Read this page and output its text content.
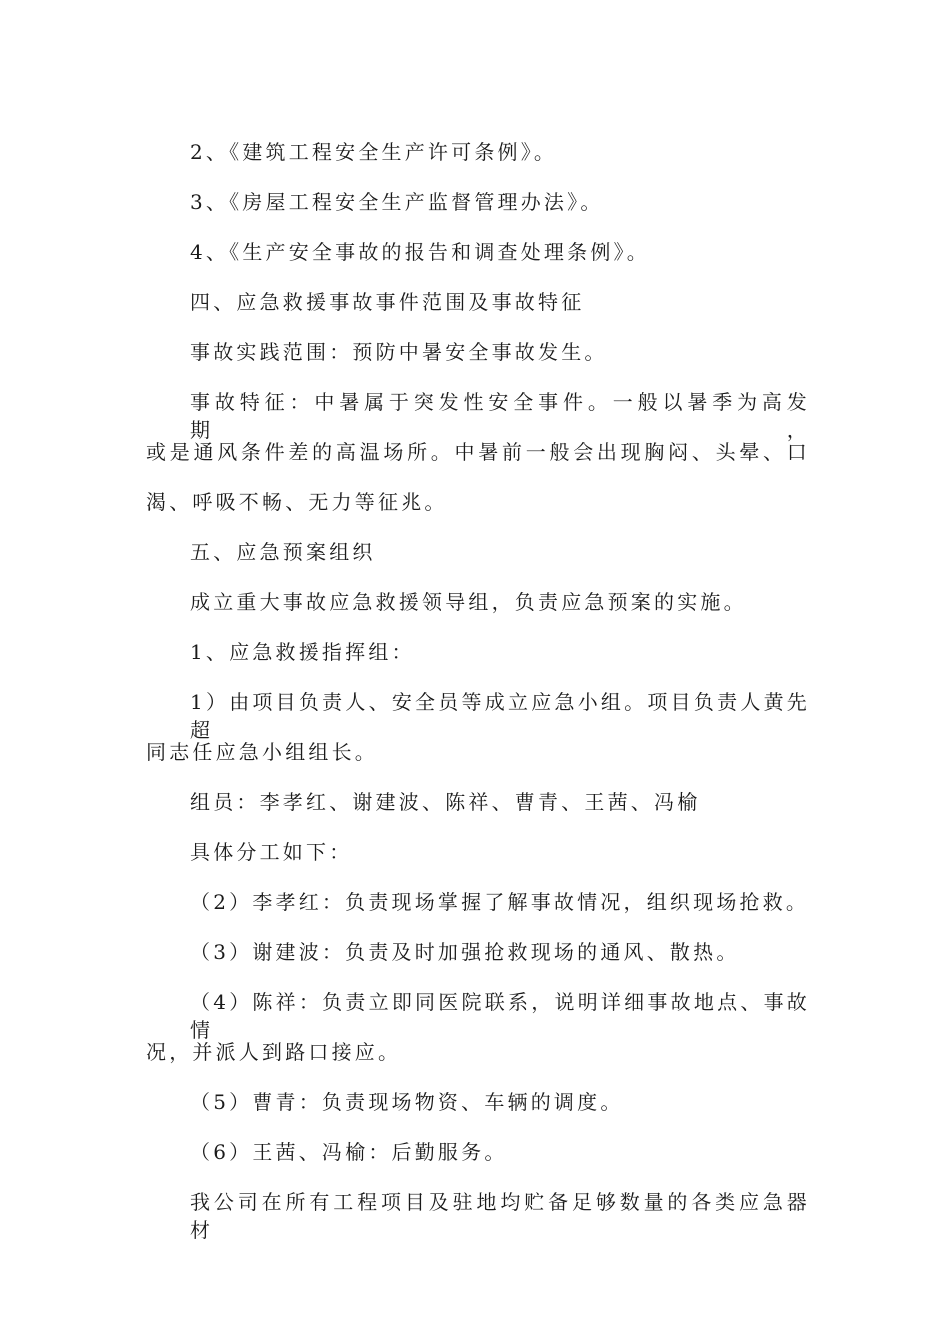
2、《建筑工程安全生产许可条例》。
3、《房屋工程安全生产监督管理办法》。
4、《生产安全事故的报告和调查处理条例》。
四、应急救援事故事件范围及事故特征
事故实践范围：预防中暑安全事故发生。
事故特征：中暑属于突发性安全事件。一般以暑季为高发期，
或是通风条件差的高温场所。中暑前一般会出现胸闷、头晕、口
渴、呼吸不畅、无力等征兆。
五、应急预案组织
成立重大事故应急救援领导组，负责应急预案的实施。
1、应急救援指挥组：
1）由项目负责人、安全员等成立应急小组。项目负责人黄先超
同志任应急小组组长。
组员：李孝红、谢建波、陈祥、曹青、王茜、冯榆
具体分工如下：
（2）李孝红：负责现场掌握了解事故情况，组织现场抢救。
（3）谢建波：负责及时加强抢救现场的通风、散热。
（4）陈祥：负责立即同医院联系，说明详细事故地点、事故情
况，并派人到路口接应。
（5）曹青：负责现场物资、车辆的调度。
（6）王茜、冯榆：后勤服务。
我公司在所有工程项目及驻地均贮备足够数量的各类应急器材
